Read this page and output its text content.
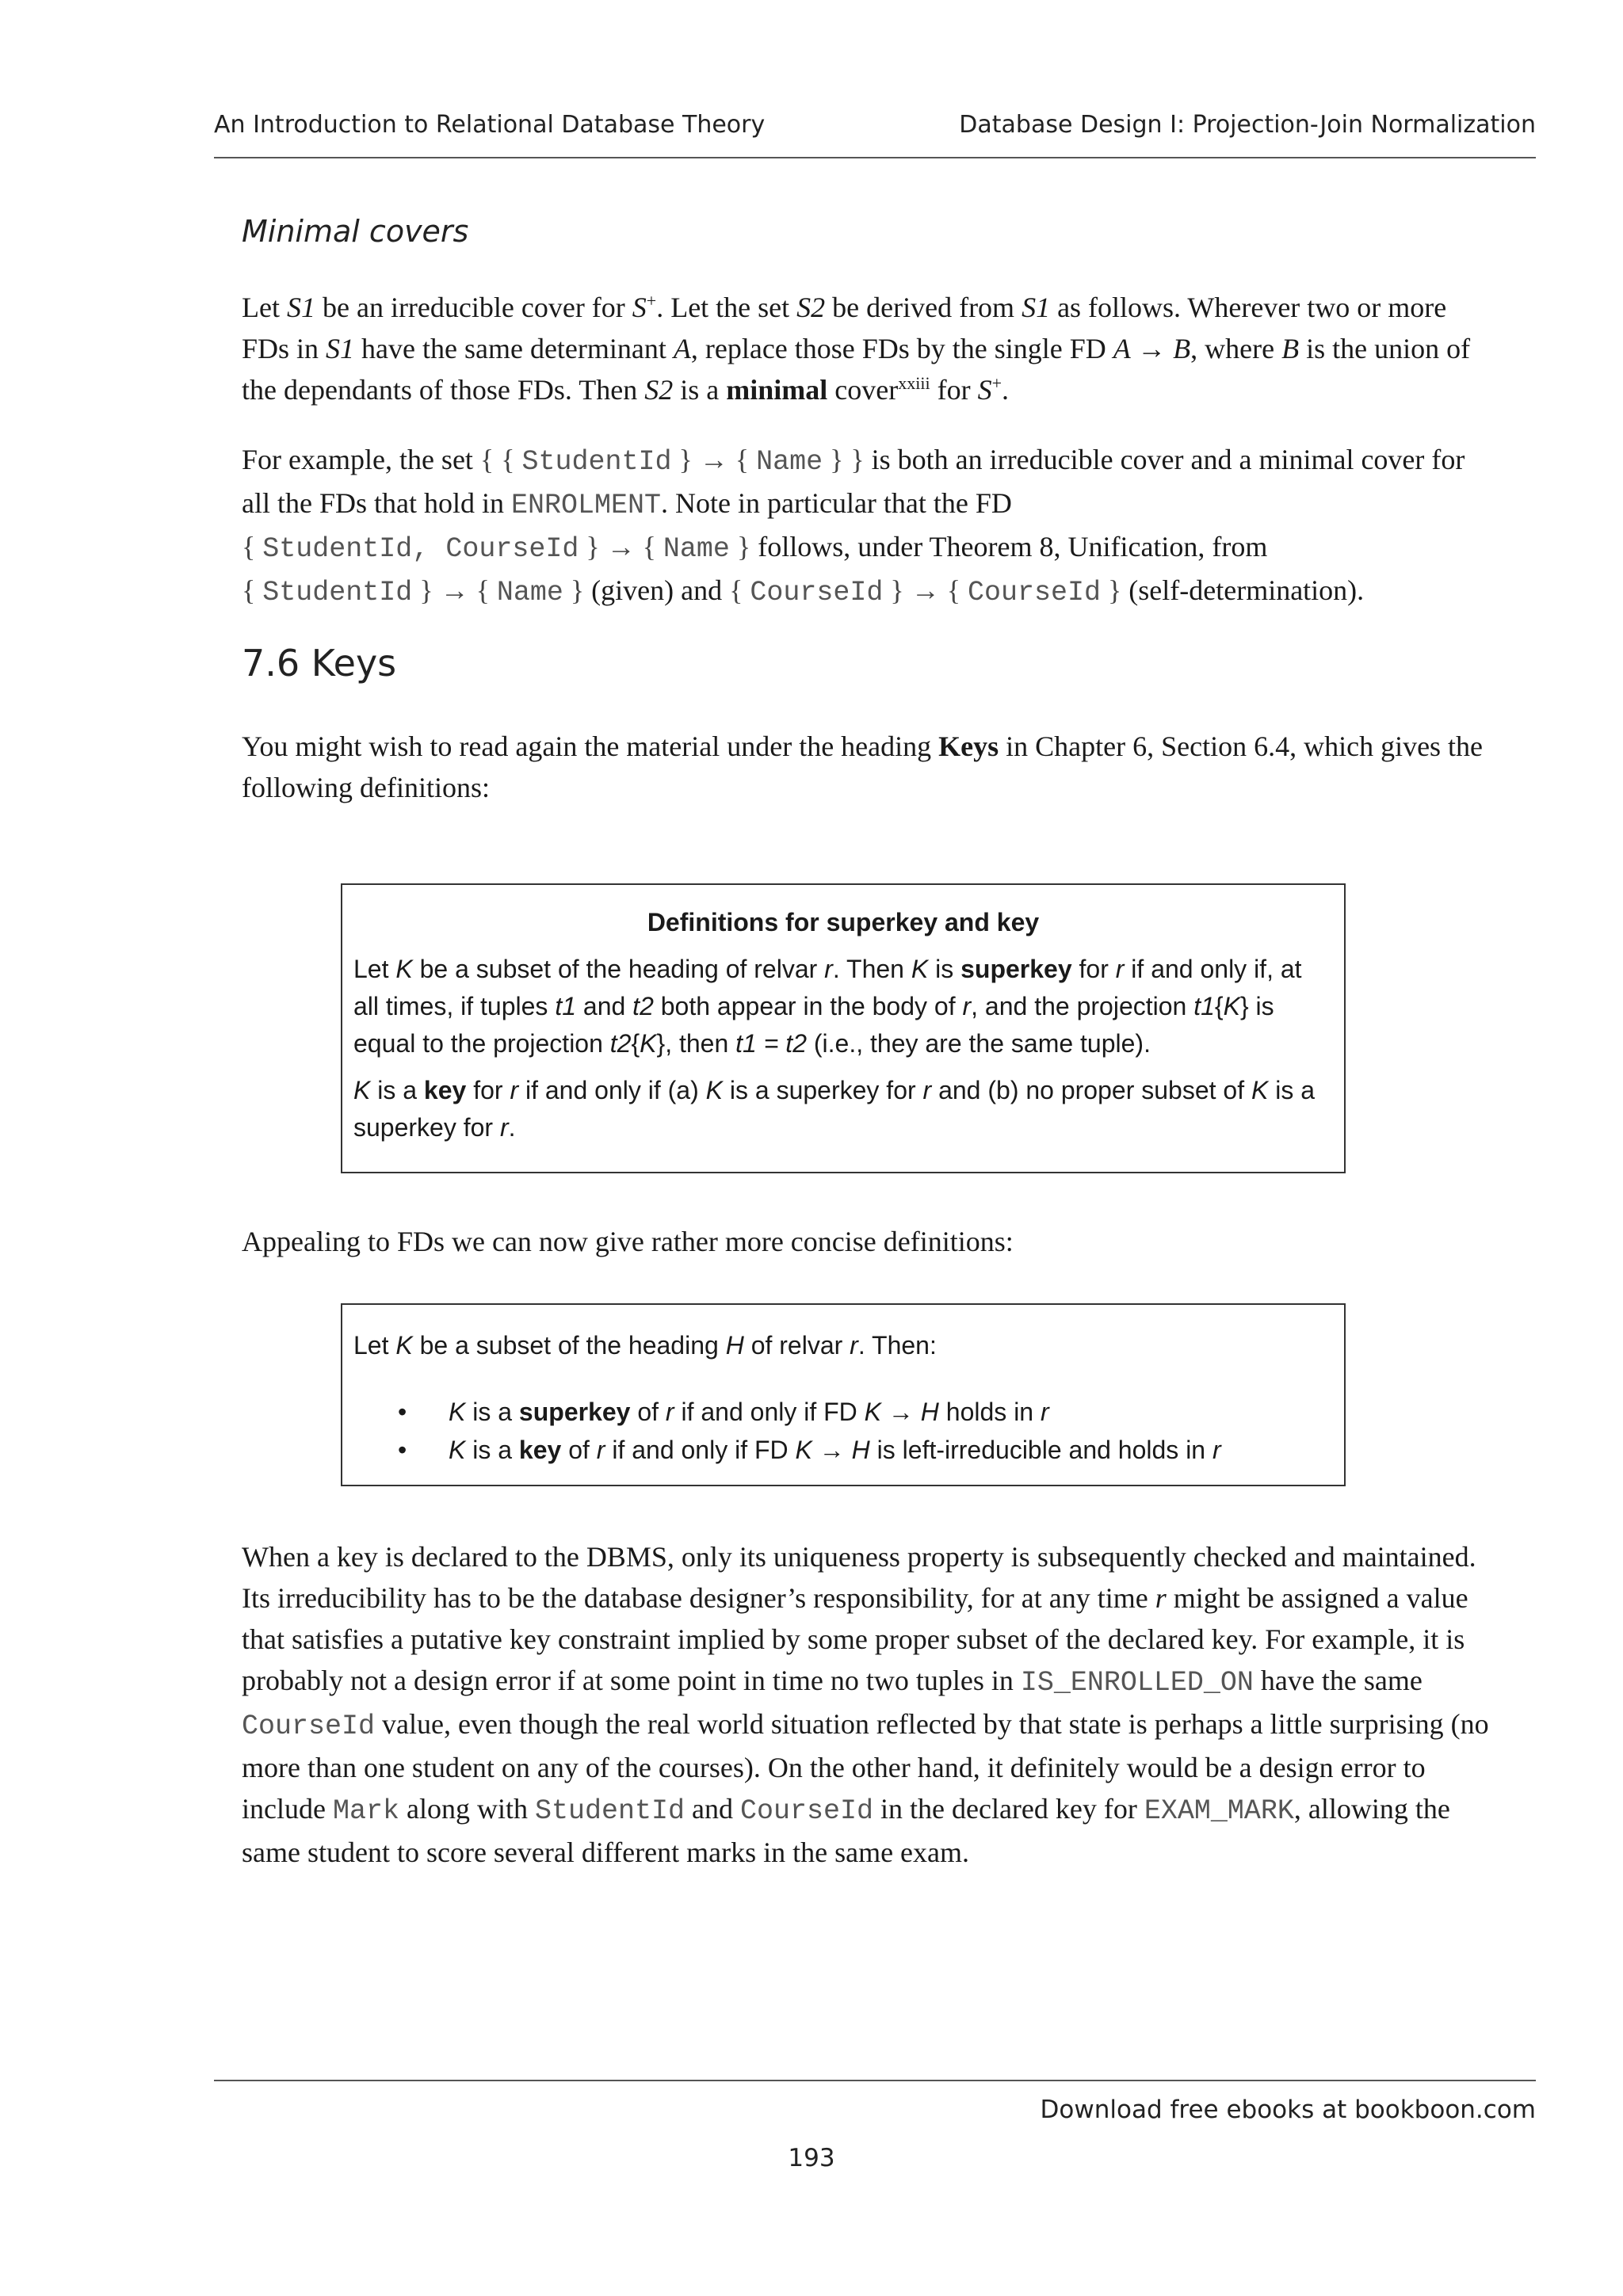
An Introduction to Relational Database Theory	Database Design I: Projection-Join Normalization
Minimal covers

Let S1 be an irreducible cover for S+. Let the set S2 be derived from S1 as follows. Wherever two or more FDs in S1 have the same determinant A, replace those FDs by the single FD A → B, where B is the union of the dependants of those FDs. Then S2 is a minimal cover$^{xxiii}$ for S+.

For example, the set { { StudentId } → { Name } } is both an irreducible cover and a minimal cover for all the FDs that hold in ENROLMENT. Note in particular that the FD
{ StudentId, CourseId } → { Name } follows, under Theorem 8, Unification, from
{ StudentId } → { Name } (given) and { CourseId } → { CourseId } (self-determination).

7.6 Keys

You might wish to read again the material under the heading Keys in Chapter 6, Section 6.4, which gives the following definitions:

Definitions for superkey and key

Let K be a subset of the heading of relvar r. Then K is superkey for r if and only if, at all times, if tuples t1 and t2 both appear in the body of r, and the projection t1{K} is equal to the projection t2{K}, then t1 = t2 (i.e., they are the same tuple).

K is a key for r if and only if (a) K is a superkey for r and (b) no proper subset of K is a superkey for r.

Appealing to FDs we can now give rather more concise definitions:

Let K be a subset of the heading H of relvar r. Then:

• K is a superkey of r if and only if FD K → H holds in r
• K is a key of r if and only if FD K → H is left-irreducible and holds in r

When a key is declared to the DBMS, only its uniqueness property is subsequently checked and maintained. Its irreducibility has to be the database designer’s responsibility, for at any time r might be assigned a value that satisfies a putative key constraint implied by some proper subset of the declared key. For example, it is probably not a design error if at some point in time no two tuples in IS_ENROLLED_ON have the same CourseId value, even though the real world situation reflected by that state is perhaps a little surprising (no more than one student on any of the courses). On the other hand, it definitely would be a design error to include Mark along with StudentId and CourseId in the declared key for EXAM_MARK, allowing the same student to score several different marks in the same exam.

Download free ebooks at bookboon.com
193
